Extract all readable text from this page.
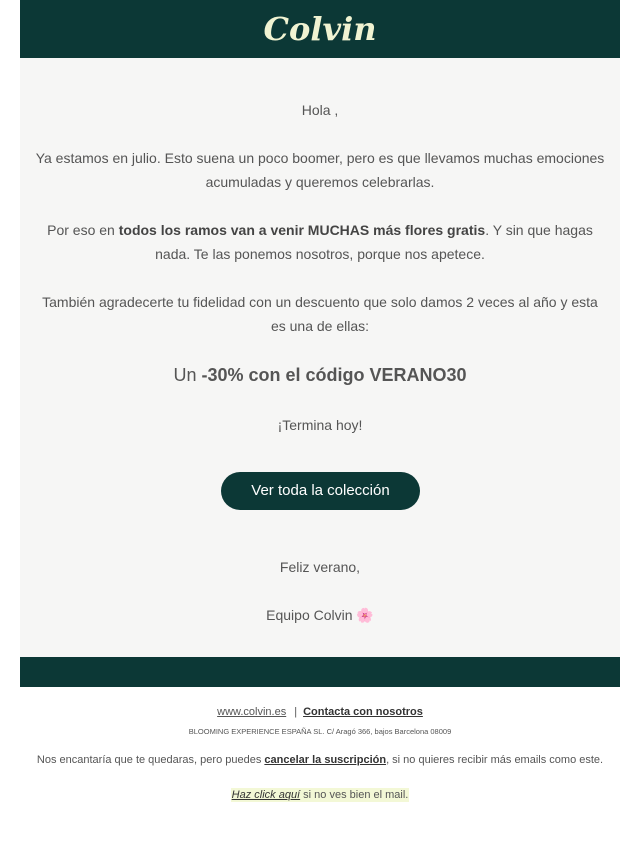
Colvin
Hola ,
Ya estamos en julio. Esto suena un poco boomer, pero es que llevamos muchas emociones acumuladas y queremos celebrarlas.
Por eso en todos los ramos van a venir MUCHAS más flores gratis. Y sin que hagas nada. Te las ponemos nosotros, porque nos apetece.
También agradecerte tu fidelidad con un descuento que solo damos 2 veces al año y esta es una de ellas:
Un -30% con el código VERANO30
¡Termina hoy!
Ver toda la colección
Feliz verano,
Equipo Colvin 🌸
www.colvin.es | Contacta con nosotros
BLOOMING EXPERIENCE ESPAÑA SL. C/ Aragó 366, bajos Barcelona 08009
Nos encantaría que te quedaras, pero puedes cancelar la suscripción, si no quieres recibir más emails como este.
Haz click aquí si no ves bien el mail.
